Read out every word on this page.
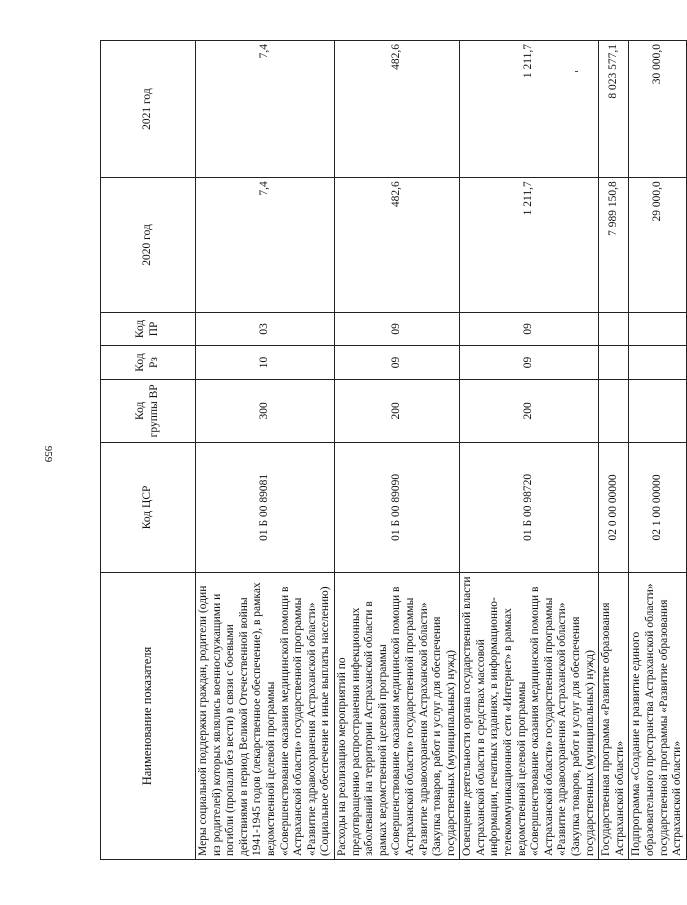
959
Наименование показателя	Код ЦСР	Код группы ВР	Код Рз	Код ПР	2020 год	2021 год
Меры социальной поддержки граждан, родители (один из родителей) которых являлись военнослужащими и погибли (пропали без вести) в связи с боевыми действиями в период Великой Отечественной войны 1941-1945 годов (лекарственное обеспечение), в рамках ведомственной целевой программы «Совершенствование оказания медицинской помощи в Астраханской области» государственной программы «Развитие здравоохранения Астраханской области» (Социальное обеспечение и иные выплаты населению)	01 Б 00 89081	300	10	03	7,4	7,4
Расходы на реализацию мероприятий по предотвращению распространения инфекционных заболеваний на территории Астраханской области в рамках ведомственной целевой программы «Совершенствование оказания медицинской помощи в Астраханской области» государственной программы «Развитие здравоохранения Астраханской области» (Закупка товаров, работ и услуг для обеспечения государственных (муниципальных) нужд)	01 Б 00 89090	200	09	09	482,6	482,6
Освещение деятельности органа государственной власти Астраханской области в средствах массовой информации, печатных изданиях, в информационно-телекоммуникационной сети «Интернет» в рамках ведомственной целевой программы «Совершенствование оказания медицинской помощи в Астраханской области» государственной программы «Развитие здравоохранения Астраханской области» (Закупка товаров, работ и услуг для обеспечения государственных (муниципальных) нужд)	01 Б 00 98720	200	09	09	1 211,7	1 211,7
Государственная программа «Развитие образования Астраханской области»	02 0 00 00000				7 989 150,8	8 023 577,1
Подпрограмма «Создание и развитие единого образовательного пространства Астраханской области» государственной программы «Развитие образования Астраханской области»	02 1 00 00000				29 000,0	30 000,0
